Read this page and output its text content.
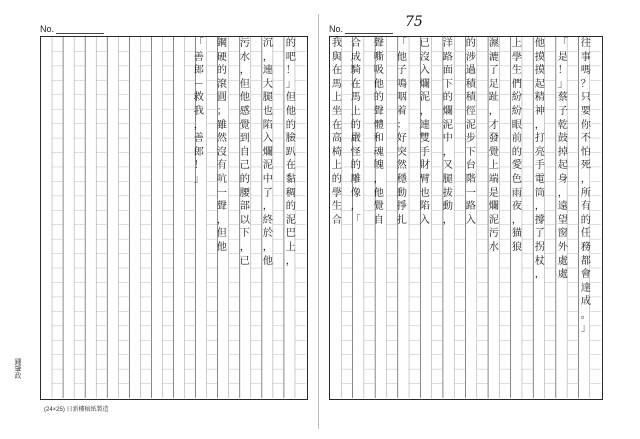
No.
的
吧
！
」
但
他
的
臉
趴
在
黏
稠
的
泥
巴
上
，
沉
，
連
大
腿
也
陷
入
爛
泥
中
了
，
終
於
，
他
污
水
，
但
他
感
覺
到
自
己
的
腰
部
以
下
，
已
鋼
硬
的
滾
圓
；
雖
然
沒
有
吭
一
聲
，
但
他
「
善
郎
－
救
我
，
善
郎
！
」
鍾肇政
(24×25) 日新樓稿紙製造
No.	75
往
事
嗎
？
只
要
你
不
怕
死
，
所
有
的
任
務
都
會
達
成
。
」
「
是
！
」
蔡
子
乾
鼓
掉
起
身
，
遠
望
窗
外
處
處
他
摸
摸
起
精
神
，
打
亮
手
電
筒
，
撐
了
拐
杖
，
上
學
生
們
紛
紛
眼
前
的
愛
色
雨
夜
，
猫
狼
濕
漉
了
足
趾
，
才
發
覺
上
端
是
爛
泥
污
水
的
涉
過
積
積
徑
泥
步
下
台
階
一
路
入
洋
路
面
下
的
爛
泥
中
，
又
腿
拔
動
，
已
沒
入
爛
泥
，
連
雙
手
財
臂
也
陷
入
「
他
子
鳴
咽
着
：
好
突
然
穩
動
掙
扎
聲
嘶
吸
他
的
聲
體
和
魂
魄
，
他
覺
自
合
成
騎
在
馬
上
的
嚴
怪
的
雕
像
，
「
我
與
在
馬
上
坐
在
高
椅
上
的
學
生
合
